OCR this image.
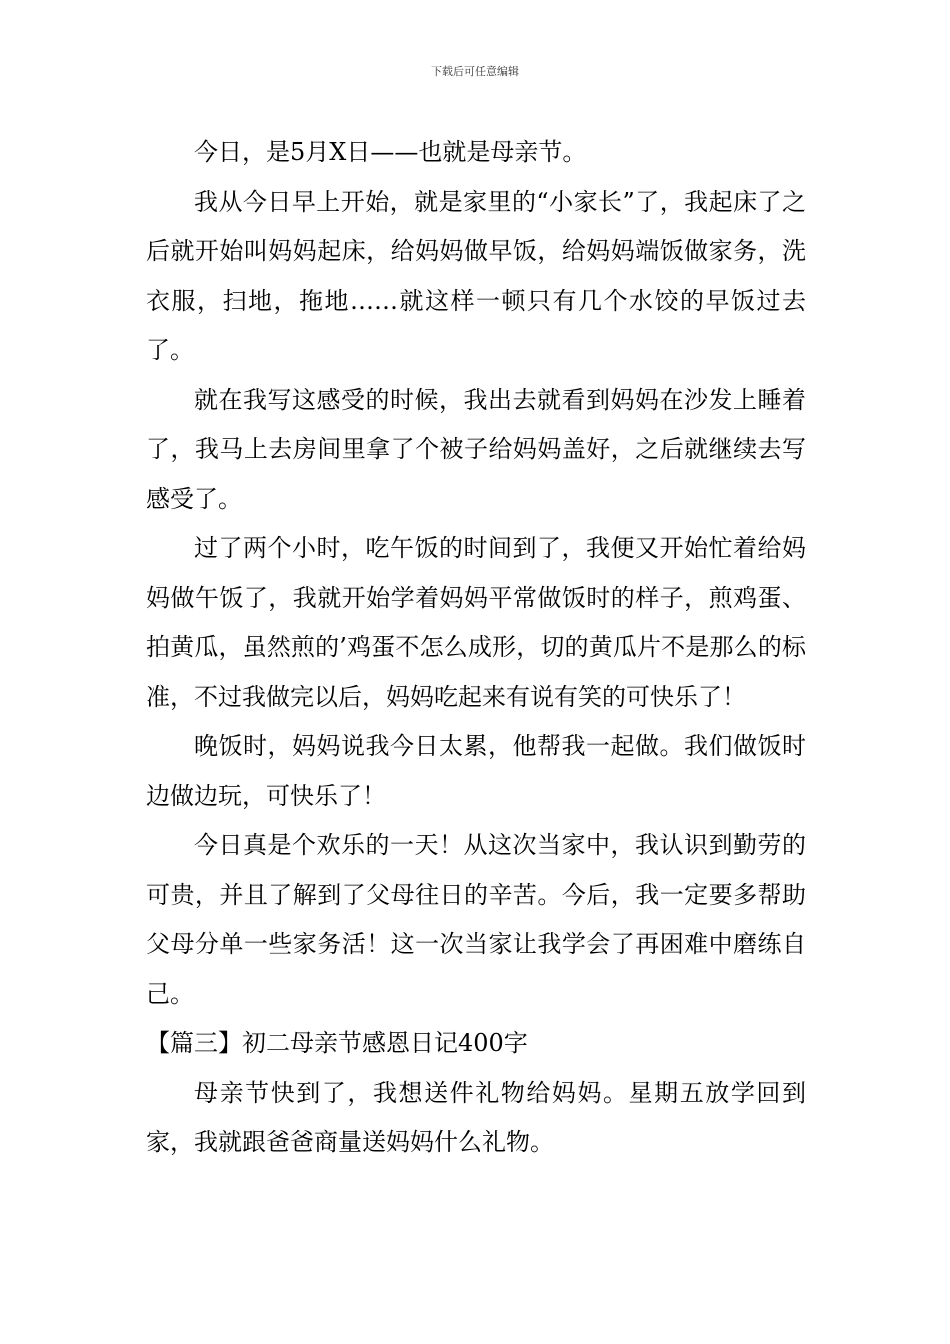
下载后可任意编辑

今日，是5月X日——也就是母亲节。

我从今日早上开始，就是家里的“小家长”了，我起床了之后就开始叫妈妈起床，给妈妈做早饭，给妈妈端饭做家务，洗衣服，扫地，拖地……就这样一顿只有几个水饺的早饭过去了。

就在我写这感受的时候，我出去就看到妈妈在沙发上睡着了，我马上去房间里拿了个被子给妈妈盖好，之后就继续去写感受了。

过了两个小时，吃午饭的时间到了，我便又开始忙着给妈妈做午饭了，我就开始学着妈妈平常做饭时的样子，煎鸡蛋、拍黄瓜，虽然煎的’鸡蛋不怎么成形，切的黄瓜片不是那么的标准，不过我做完以后，妈妈吃起来有说有笑的可快乐了！

晚饭时，妈妈说我今日太累，他帮我一起做。我们做饭时边做边玩，可快乐了！

今日真是个欢乐的一天！从这次当家中，我认识到勤劳的可贵，并且了解到了父母往日的辛苦。今后，我一定要多帮助父母分单一些家务活！这一次当家让我学会了再困难中磨练自己。

【篇三】初二母亲节感恩日记400字

母亲节快到了，我想送件礼物给妈妈。星期五放学回到家，我就跟爸爸商量送妈妈什么礼物。
